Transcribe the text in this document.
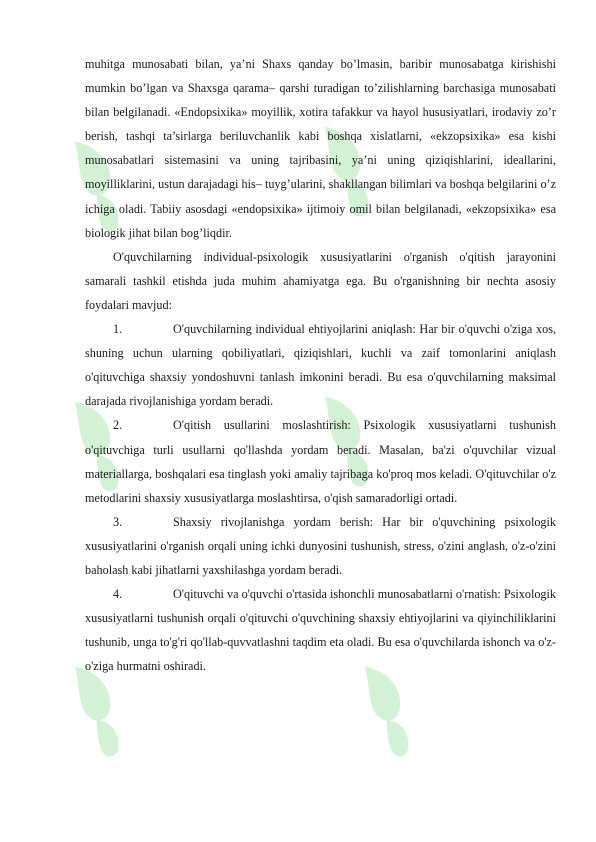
muhitga munosabati bilan, ya’ni Shaxs qanday bo’lmasin, baribir munosabatga kirishishi mumkin bo’lgan va Shaxsga qarama– qarshi turadigan to’zilishlarning barchasiga munosabati bilan belgilanadi. «Endopsixika» moyillik, xotira tafakkur va hayol hususiyatlari, irodaviy zo’r berish, tashqi ta’sirlarga beriluvchanlik kabi boshqa xislatlarni, «ekzopsixika» esa kishi munosabatlari sistemasini va uning tajribasini, ya’ni uning qiziqishlarini, ideallarini, moyilliklarini, ustun darajadagi his– tuyg’ularini, shakllangan bilimlari va boshqa belgilarini o’z ichiga oladi. Tabiiy asosdagi «endopsixika» ijtimoiy omil bilan belgilanadi, «ekzopsixika» esa biologik jihat bilan bog’liqdir.

O'quvchilarning individual-psixologik xususiyatlarini o'rganish o'qitish jarayonini samarali tashkil etishda juda muhim ahamiyatga ega. Bu o'rganishning bir nechta asosiy foydalari mavjud:

1.	O'quvchilarning individual ehtiyojlarini aniqlash: Har bir o'quvchi o'ziga xos, shuning uchun ularning qobiliyatlari, qiziqishlari, kuchli va zaif tomonlarini aniqlash o'qituvchiga shaxsiy yondoshuvni tanlash imkonini beradi. Bu esa o'quvchilarning maksimal darajada rivojlanishiga yordam beradi.

2.	O'qitish usullarini moslashtirish: Psixologik xususiyatlarni tushunish o'qituvchiga turli usullarni qo'llashda yordam beradi. Masalan, ba'zi o'quvchilar vizual materiallarga, boshqalari esa tinglash yoki amaliy tajribaga ko'proq mos keladi. O'qituvchilar o'z metodlarini shaxsiy xususiyatlarga moslashtirsa, o'qish samaradorligi ortadi.

3.	Shaxsiy rivojlanishga yordam berish: Har bir o'quvchining psixologik xususiyatlarini o'rganish orqali uning ichki dunyosini tushunish, stress, o'zini anglash, o'z-o'zini baholash kabi jihatlarni yaxshilashga yordam beradi.

4.	O'qituvchi va o'quvchi o'rtasida ishonchli munosabatlarni o'rnatish: Psixologik xususiyatlarni tushunish orqali o'qituvchi o'quvchining shaxsiy ehtiyojlarini va qiyinchiliklarini tushunib, unga to'g'ri qo'llab-quvvatlashni taqdim eta oladi. Bu esa o'quvchilarda ishonch va o'z-o'ziga hurmatni oshiradi.
